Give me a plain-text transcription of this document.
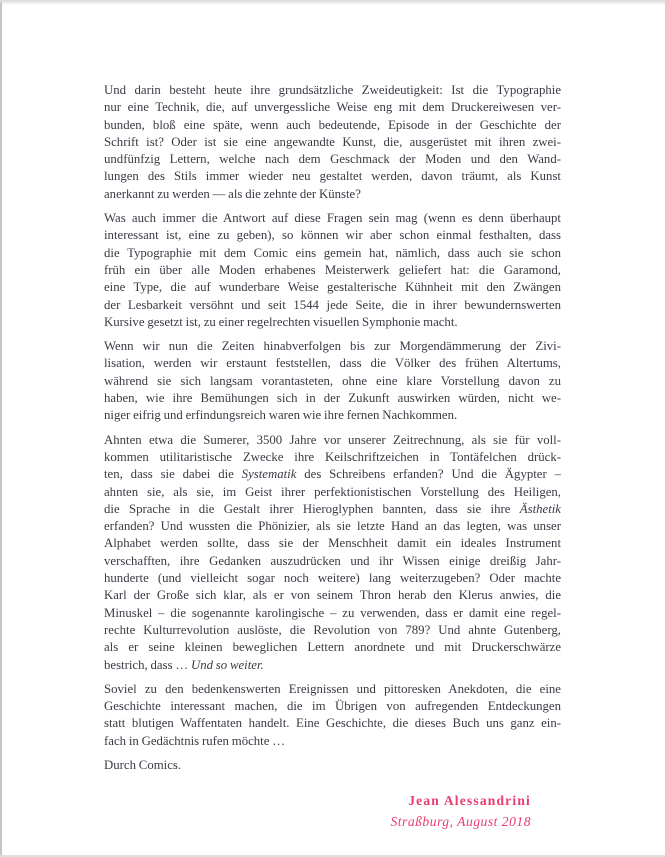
Und darin besteht heute ihre grundsätzliche Zweideutigkeit: Ist die Typographie
nur eine Technik, die, auf unvergessliche Weise eng mit dem Druckereiwesen ver-
bunden, bloß eine späte, wenn auch bedeutende, Episode in der Geschichte der
Schrift ist? Oder ist sie eine angewandte Kunst, die, ausgerüstet mit ihren zwei-
undfünfzig Lettern, welche nach dem Geschmack der Moden und den Wand-
lungen des Stils immer wieder neu gestaltet werden, davon träumt, als Kunst
anerkannt zu werden — als die zehnte der Künste?
Was auch immer die Antwort auf diese Fragen sein mag (wenn es denn überhaupt
interessant ist, eine zu geben), so können wir aber schon einmal festhalten, dass
die Typographie mit dem Comic eins gemein hat, nämlich, dass auch sie schon
früh ein über alle Moden erhabenes Meisterwerk geliefert hat: die Garamond,
eine Type, die auf wunderbare Weise gestalterische Kühnheit mit den Zwängen
der Lesbarkeit versöhnt und seit 1544 jede Seite, die in ihrer bewundernswerten
Kursive gesetzt ist, zu einer regelrechten visuellen Symphonie macht.
Wenn wir nun die Zeiten hinabverfolgen bis zur Morgendämmerung der Zivi-
lisation, werden wir erstaunt feststellen, dass die Völker des frühen Altertums,
während sie sich langsam vorantasteten, ohne eine klare Vorstellung davon zu
haben, wie ihre Bemühungen sich in der Zukunft auswirken würden, nicht we-
niger eifrig und erfindungsreich waren wie ihre fernen Nachkommen.
Ahnten etwa die Sumerer, 3500 Jahre vor unserer Zeitrechnung, als sie für voll-
kommen utilitaristische Zwecke ihre Keilschriftzeichen in Tontäfelchen drück-
ten, dass sie dabei die Systematik des Schreibens erfanden? Und die Ägypter –
ahnten sie, als sie, im Geist ihrer perfektionistischen Vorstellung des Heiligen,
die Sprache in die Gestalt ihrer Hieroglyphen bannten, dass sie ihre Ästhetik
erfanden? Und wussten die Phönizier, als sie letzte Hand an das legten, was unser
Alphabet werden sollte, dass sie der Menschheit damit ein ideales Instrument
verschafften, ihre Gedanken auszudrücken und ihr Wissen einige dreißig Jahr-
hunderte (und vielleicht sogar noch weitere) lang weiterzugeben? Oder machte
Karl der Große sich klar, als er von seinem Thron herab den Klerus anwies, die
Minuskel – die sogenannte karolingische – zu verwenden, dass er damit eine regel-
rechte Kulturrevolution auslöste, die Revolution von 789? Und ahnte Gutenberg,
als er seine kleinen beweglichen Lettern anordnete und mit Druckerschwärze
bestrich, dass … Und so weiter.
Soviel zu den bedenkenswerten Ereignissen und pittoresken Anekdoten, die eine
Geschichte interessant machen, die im Übrigen von aufregenden Entdeckungen
statt blutigen Waffentaten handelt. Eine Geschichte, die dieses Buch uns ganz ein-
fach in Gedächtnis rufen möchte …
Durch Comics.
Jean Alessandrini
Straßburg, August 2018
